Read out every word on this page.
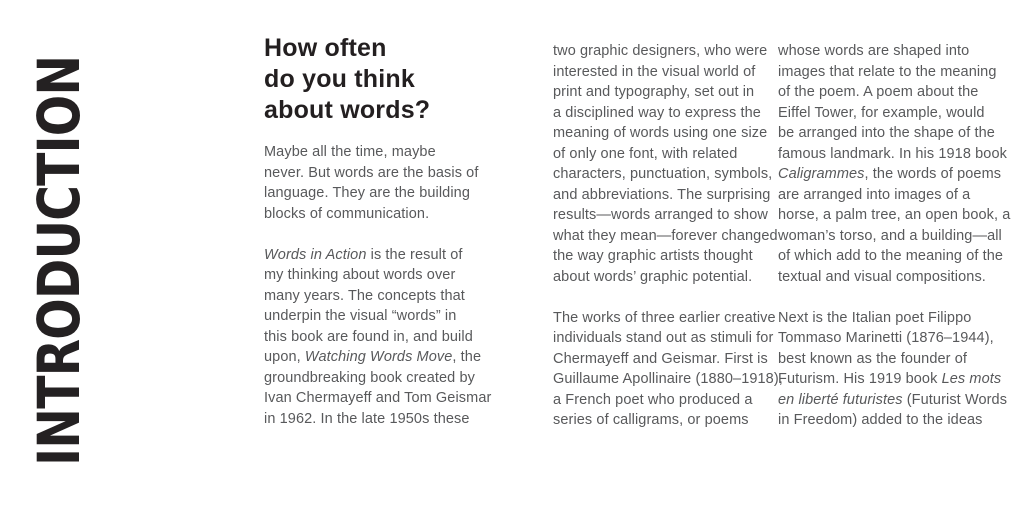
INTRODUCTION
How often
do you think
about words?

Maybe all the time, maybe
never. But words are the basis of
language. They are the building
blocks of communication.

Words in Action is the result of
my thinking about words over
many years. The concepts that
underpin the visual “words” in
this book are found in, and build
upon, Watching Words Move, the
groundbreaking book created by
Ivan Chermayeff and Tom Geismar
in 1962. In the late 1950s these

two graphic designers, who were
interested in the visual world of
print and typography, set out in
a disciplined way to express the
meaning of words using one size
of only one font, with related
characters, punctuation, symbols,
and abbreviations. The surprising
results—words arranged to show
what they mean—forever changed
the way graphic artists thought
about words’ graphic potential.

The works of three earlier creative
individuals stand out as stimuli for
Chermayeff and Geismar. First is
Guillaume Apollinaire (1880–1918),
a French poet who produced a
series of calligrams, or poems

whose words are shaped into
images that relate to the meaning
of the poem. A poem about the
Eiffel Tower, for example, would
be arranged into the shape of the
famous landmark. In his 1918 book
Caligrammes, the words of poems
are arranged into images of a
horse, a palm tree, an open book, a
woman’s torso, and a building—all
of which add to the meaning of the
textual and visual compositions.

Next is the Italian poet Filippo
Tommaso Marinetti (1876–1944),
best known as the founder of
Futurism. His 1919 book Les mots
en liberté futuristes (Futurist Words
in Freedom) added to the ideas
